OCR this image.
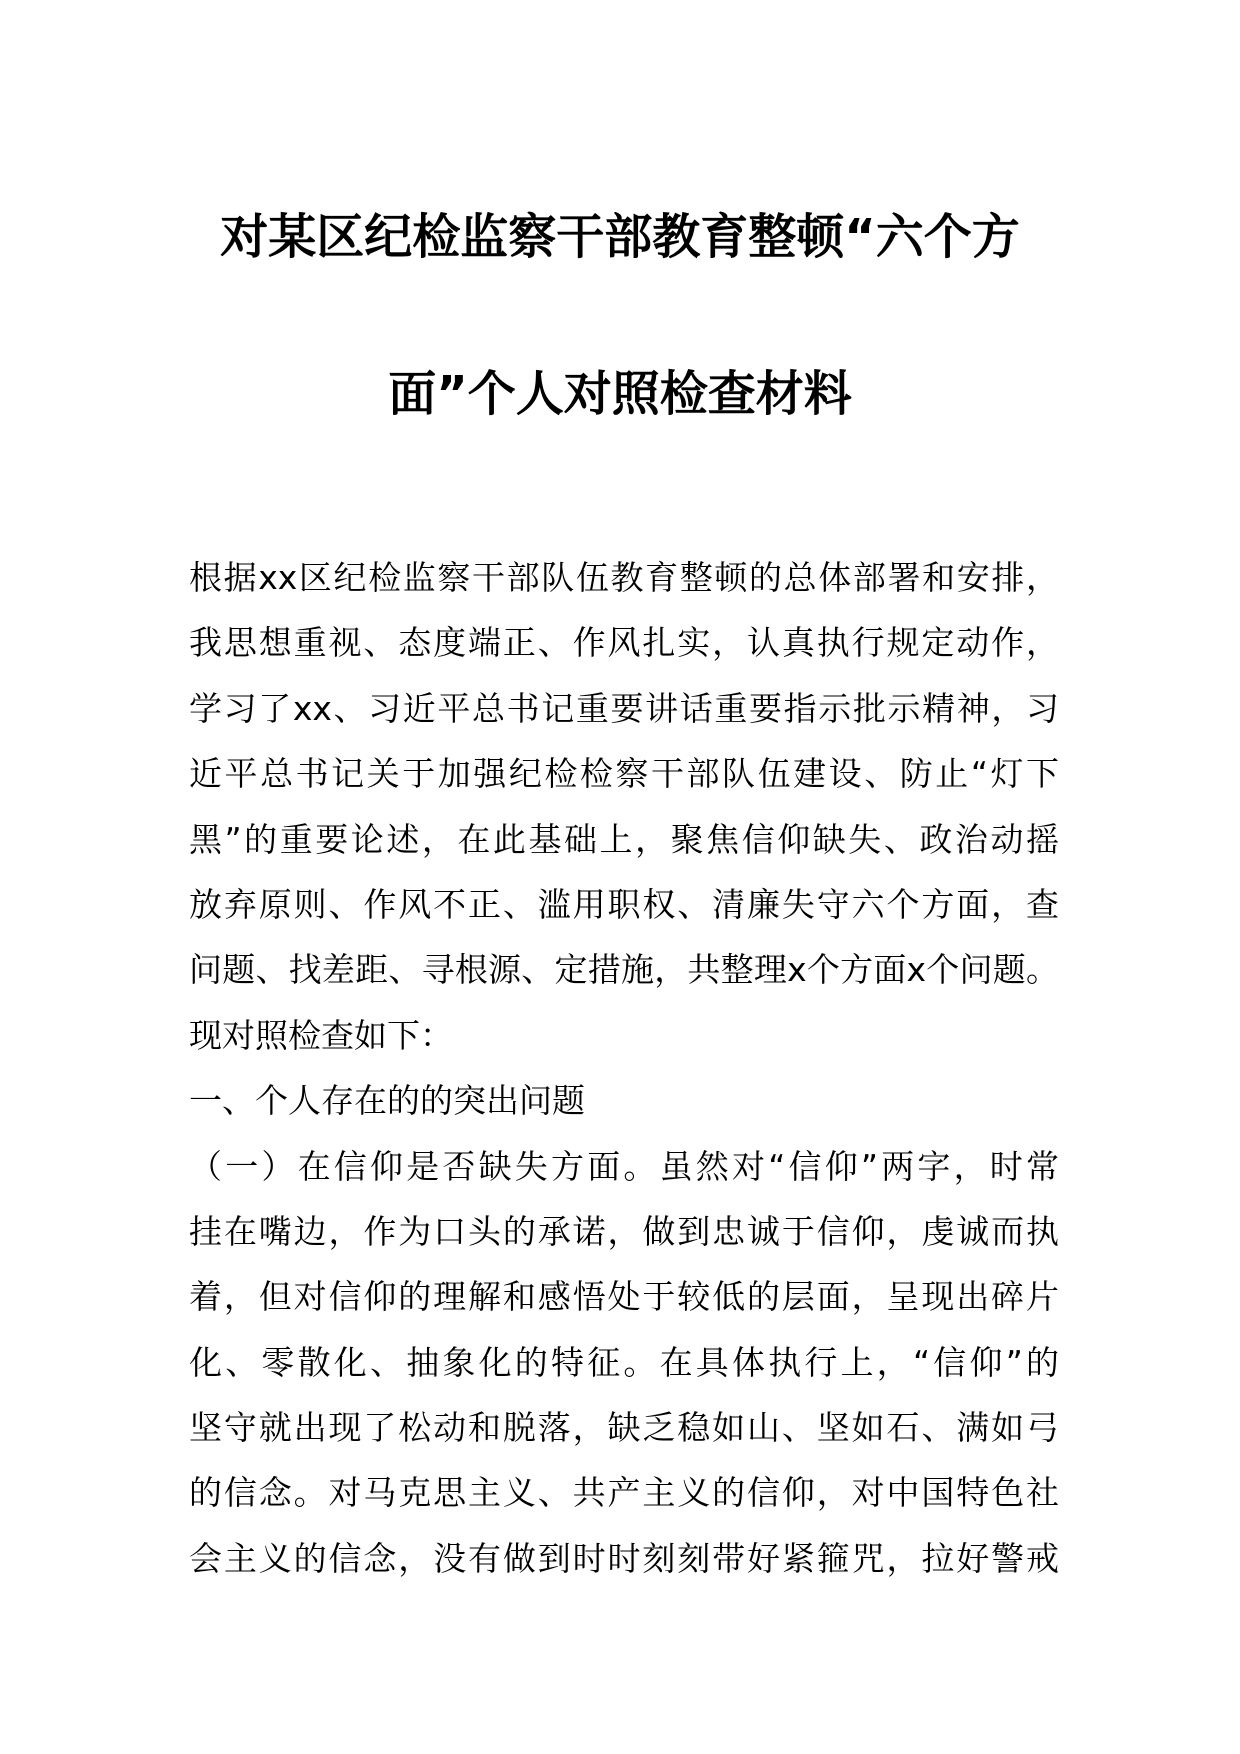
对某区纪检监察干部教育整顿“六个方
面”个人对照检查材料
根据xx区纪检监察干部队伍教育整顿的总体部署和安排，
我思想重视、态度端正、作风扎实，认真执行规定动作，
学习了xx、习近平总书记重要讲话重要指示批示精神，习
近平总书记关于加强纪检检察干部队伍建设、防止“灯下
黑”的重要论述，在此基础上，聚焦信仰缺失、政治动摇
放弃原则、作风不正、滥用职权、清廉失守六个方面，查
问题、找差距、寻根源、定措施，共整理x个方面x个问题。
现对照检查如下：
一、个人存在的的突出问题
（一）在信仰是否缺失方面。虽然对“信仰”两字，时常
挂在嘴边，作为口头的承诺，做到忠诚于信仰，虔诚而执
着，但对信仰的理解和感悟处于较低的层面，呈现出碎片
化、零散化、抽象化的特征。在具体执行上，“信仰”的
坚守就出现了松动和脱落，缺乏稳如山、坚如石、满如弓
的信念。对马克思主义、共产主义的信仰，对中国特色社
会主义的信念，没有做到时时刻刻带好紧箍咒，拉好警戒
